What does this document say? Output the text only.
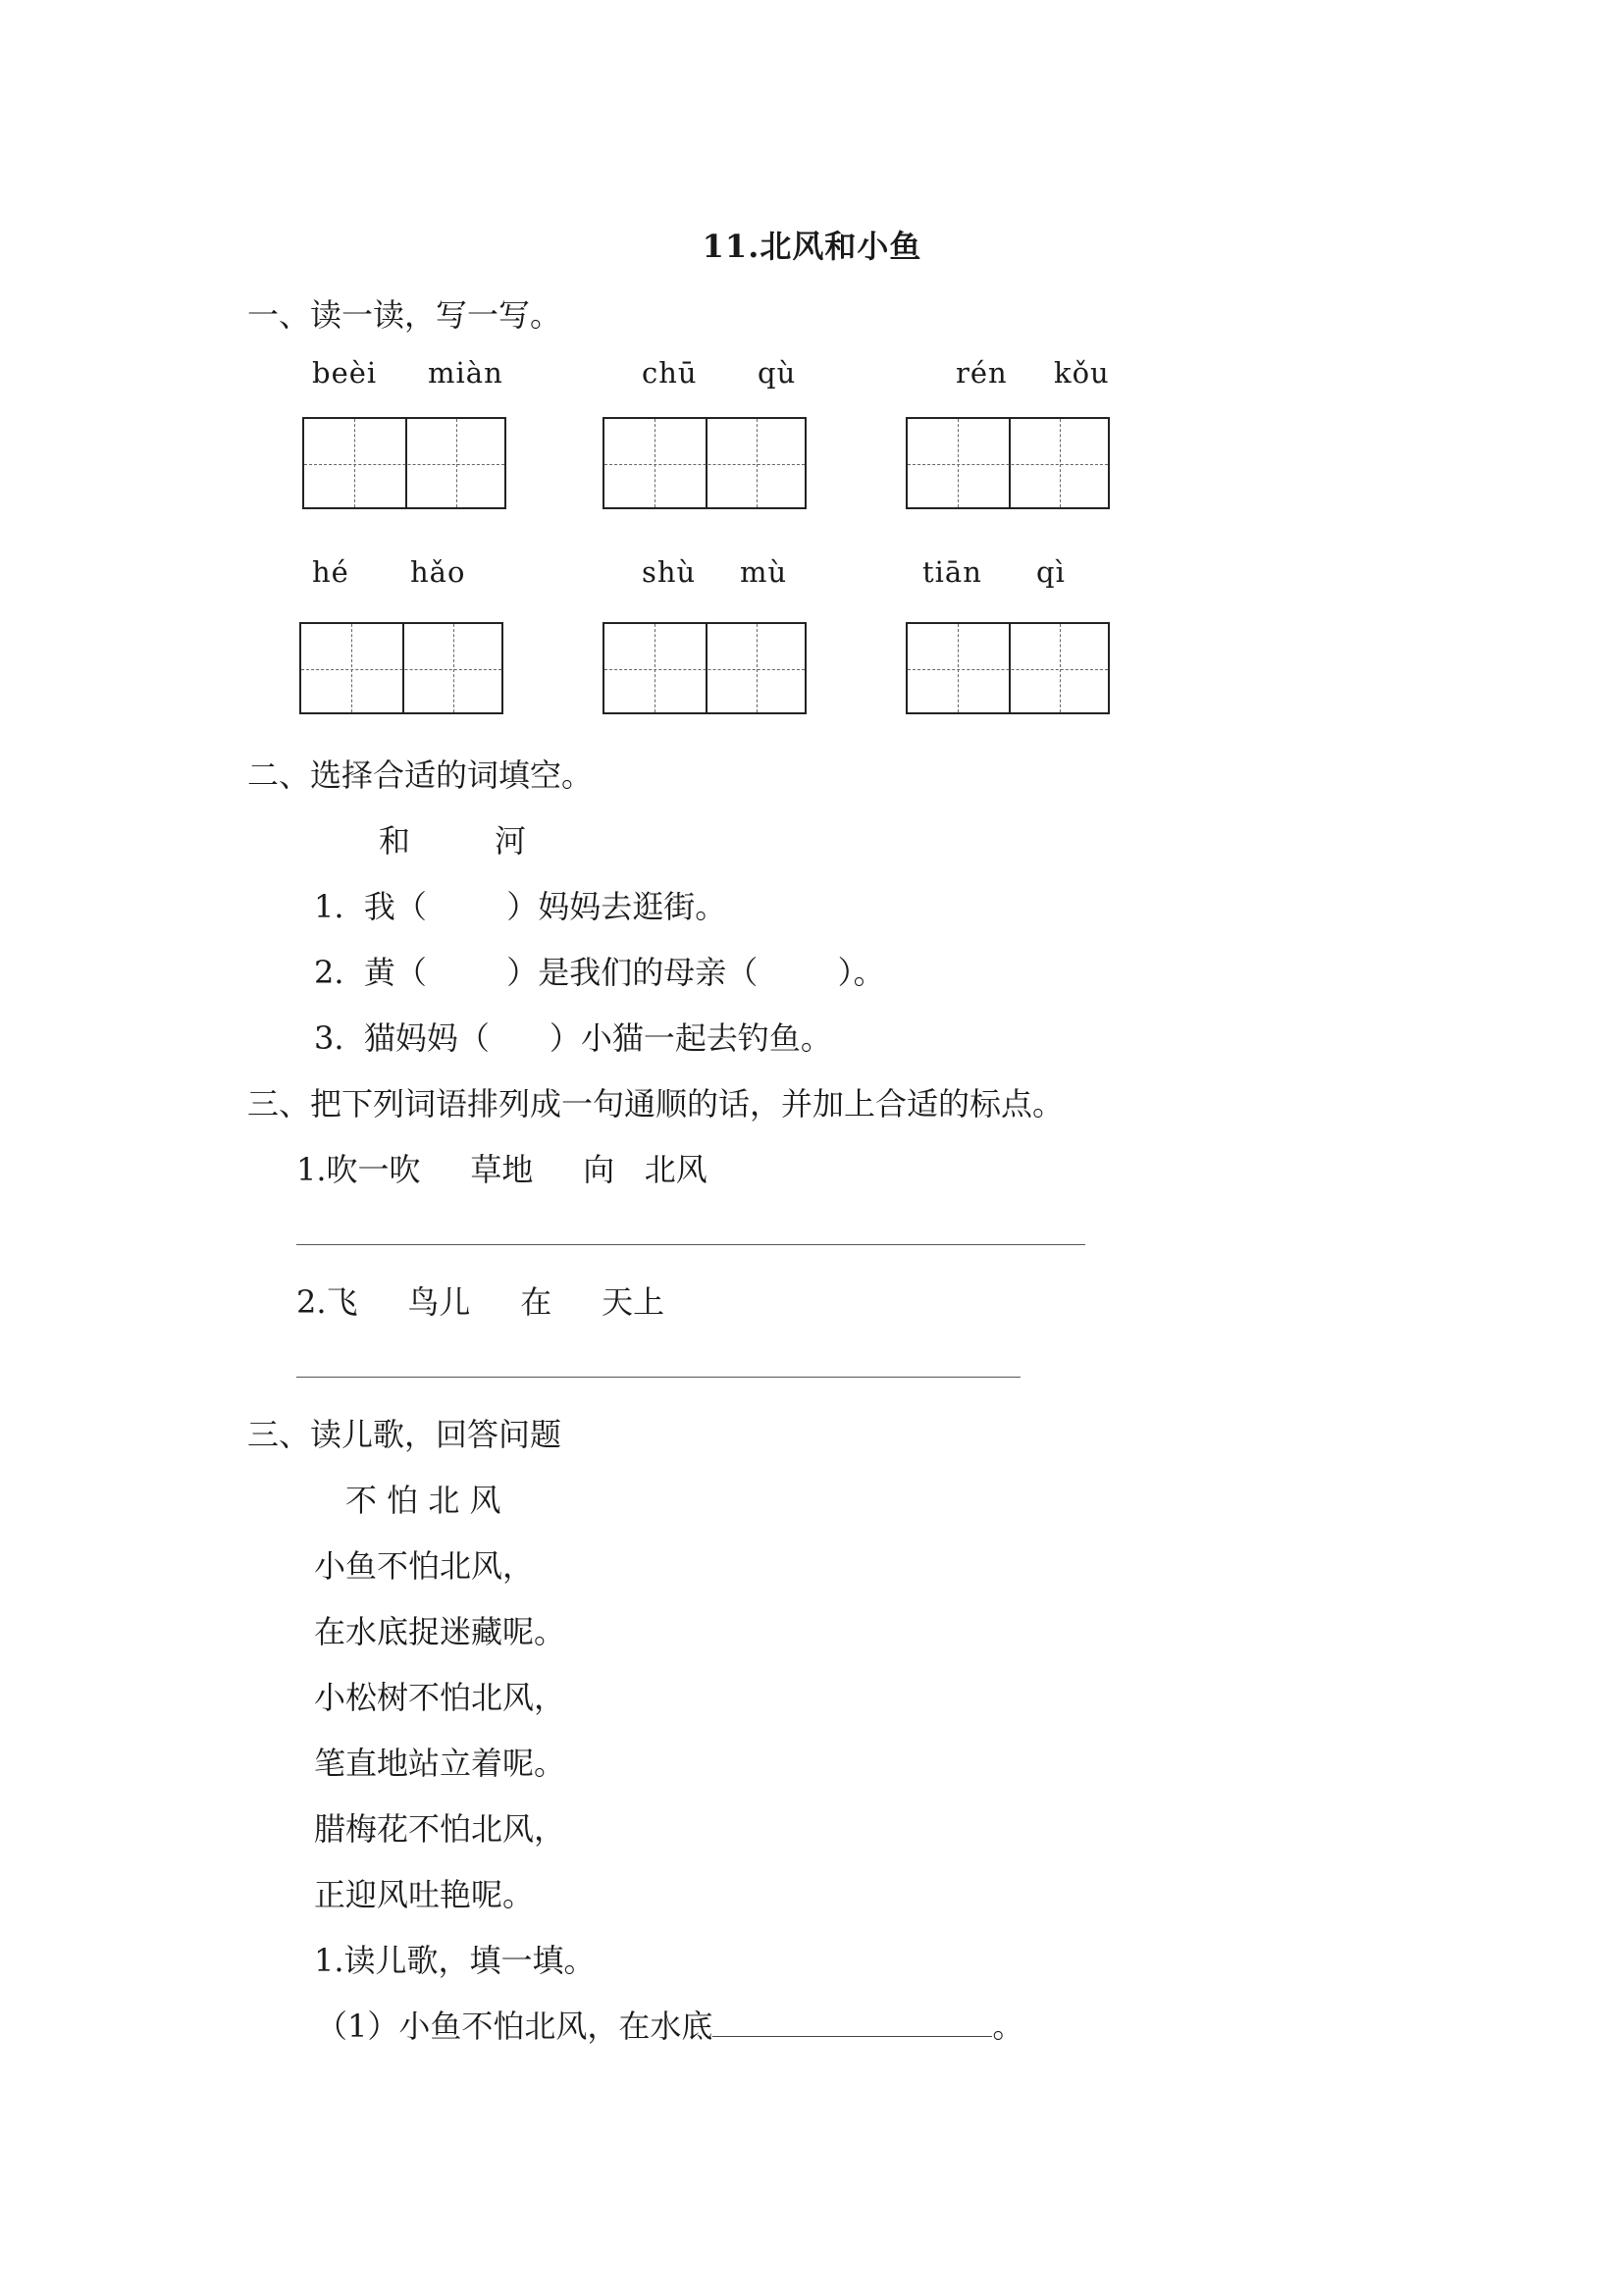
11.北风和小鱼
一、读一读，写一写。
beèi miàn	chū qù	rén kǒu
hé hǎo	shù mù	tiān qì
二、选择合适的词填空。
和	河
1.  我（        ）妈妈去逛街。
2.  黄（        ）是我们的母亲（        ）。
3.  猫妈妈（      ）小猫一起去钓鱼。
三、把下列词语排列成一句通顺的话，并加上合适的标点。
1.吹一吹     草地     向   北风
2.飞     鸟儿     在     天上
三、读儿歌，回答问题
不 怕 北 风
小鱼不怕北风，
在水底捉迷藏呢。
小松树不怕北风，
笔直地站立着呢。
腊梅花不怕北风，
正迎风吐艳呢。
1.读儿歌，填一填。
（1）小鱼不怕北风，在水底	。
